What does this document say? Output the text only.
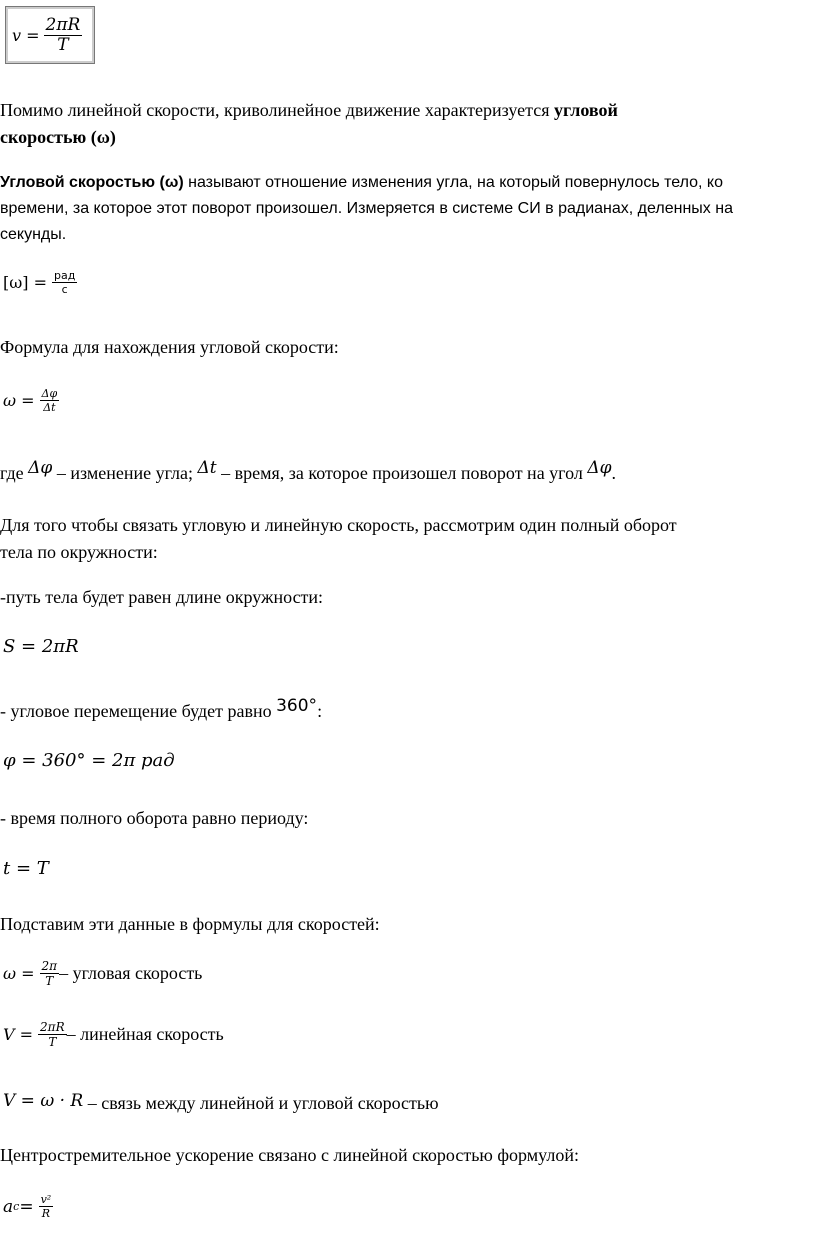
$v = \frac{2\pi R}{T}$
Помимо линейной скорости, криволинейное движение характеризуется угловой
скоростью (ω)
Угловой скоростью (ω) называют отношение изменения угла, на который повернулось тело, ко
времени, за которое этот поворот произошел. Измеряется в системе СИ в радианах, деленных на
секунды.
$[\omega] = \frac{\text{рад}}{с}$
Формула для нахождения угловой скорости:
$\omega = \frac{\Delta\varphi}{\Delta t}$
где Δφ – изменение угла; Δt – время, за которое произошел поворот на угол Δφ.
Для того чтобы связать угловую и линейную скорость, рассмотрим один полный оборот
тела по окружности:
-путь тела будет равен длине окружности:
S = 2πR
- угловое перемещение будет равно 360°:
φ = 360° = 2π рад
- время полного оборота равно периоду:
t = T
Подставим эти данные в формулы для скоростей:
$\omega = \frac{2\pi}{T}$ – угловая скорость
$V = \frac{2\pi R}{T}$ – линейная скорость
V = ω · R – связь между линейной и угловой скоростью
Центростремительное ускорение связано с линейной скоростью формулой:
a $c = \frac{\text{v²}}{R}$
